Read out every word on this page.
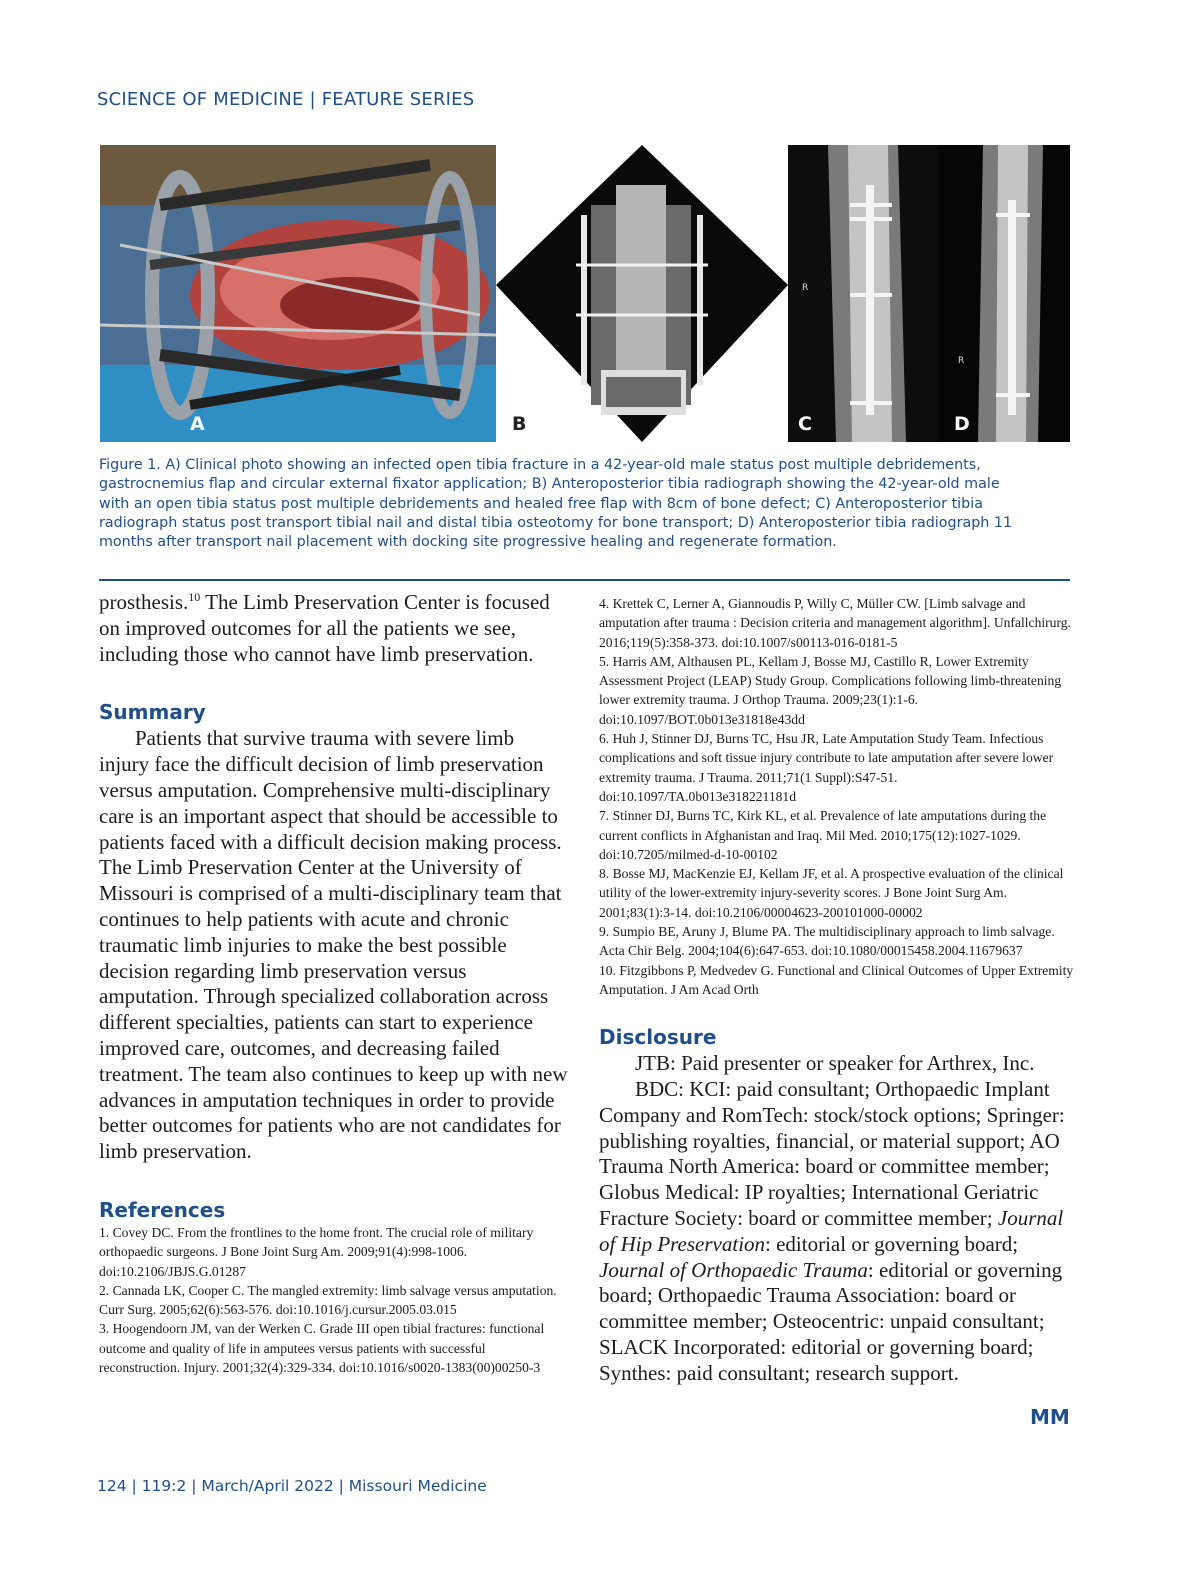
SCIENCE OF MEDICINE | FEATURE SERIES
A	B
R
R
C	D

Figure 1. A) Clinical photo showing an infected open tibia fracture in a 42-year-old male status post multiple debridements, gastrocnemius flap and circular external fixator application; B) Anteroposterior tibia radiograph showing the 42-year-old male with an open tibia status post multiple debridements and healed free flap with 8cm of bone defect; C) Anteroposterior tibia radiograph status post transport tibial nail and distal tibia osteotomy for bone transport; D) Anteroposterior tibia radiograph 11 months after transport nail placement with docking site progressive healing and regenerate formation.

prosthesis.$^{10}$ The Limb Preservation Center is focused on improved outcomes for all the patients we see, including those who cannot have limb preservation.

Summary

Patients that survive trauma with severe limb injury face the difficult decision of limb preservation versus amputation. Comprehensive multi-disciplinary care is an important aspect that should be accessible to patients faced with a difficult decision making process. The Limb Preservation Center at the University of Missouri is comprised of a multi-disciplinary team that continues to help patients with acute and chronic traumatic limb injuries to make the best possible decision regarding limb preservation versus amputation. Through specialized collaboration across different specialties, patients can start to experience improved care, outcomes, and decreasing failed treatment. The team also continues to keep up with new advances in amputation techniques in order to provide better outcomes for patients who are not candidates for limb preservation.

References
1. Covey DC. From the frontlines to the home front. The crucial role of military orthopaedic surgeons. J Bone Joint Surg Am. 2009;91(4):998-1006. doi:10.2106/JBJS.G.01287
2. Cannada LK, Cooper C. The mangled extremity: limb salvage versus amputation. Curr Surg. 2005;62(6):563-576. doi:10.1016/j.cursur.2005.03.015
3. Hoogendoorn JM, van der Werken C. Grade III open tibial fractures: functional outcome and quality of life in amputees versus patients with successful reconstruction. Injury. 2001;32(4):329-334. doi:10.1016/s0020-1383(00)00250-3
4. Krettek C, Lerner A, Giannoudis P, Willy C, Müller CW. [Limb salvage and amputation after trauma : Decision criteria and management algorithm]. Unfallchirurg. 2016;119(5):358-373. doi:10.1007/s00113-016-0181-5
5. Harris AM, Althausen PL, Kellam J, Bosse MJ, Castillo R, Lower Extremity Assessment Project (LEAP) Study Group. Complications following limb-threatening lower extremity trauma. J Orthop Trauma. 2009;23(1):1-6. doi:10.1097/BOT.0b013e31818e43dd
6. Huh J, Stinner DJ, Burns TC, Hsu JR, Late Amputation Study Team. Infectious complications and soft tissue injury contribute to late amputation after severe lower extremity trauma. J Trauma. 2011;71(1 Suppl):S47-51. doi:10.1097/TA.0b013e318221181d
7. Stinner DJ, Burns TC, Kirk KL, et al. Prevalence of late amputations during the current conflicts in Afghanistan and Iraq. Mil Med. 2010;175(12):1027-1029. doi:10.7205/milmed-d-10-00102
8. Bosse MJ, MacKenzie EJ, Kellam JF, et al. A prospective evaluation of the clinical utility of the lower-extremity injury-severity scores. J Bone Joint Surg Am. 2001;83(1):3-14. doi:10.2106/00004623-200101000-00002
9. Sumpio BE, Aruny J, Blume PA. The multidisciplinary approach to limb salvage. Acta Chir Belg. 2004;104(6):647-653. doi:10.1080/00015458.2004.11679637
10. Fitzgibbons P, Medvedev G. Functional and Clinical Outcomes of Upper Extremity Amputation. J Am Acad Orth
Disclosure

JTB: Paid presenter or speaker for Arthrex, Inc.

BDC: KCI: paid consultant; Orthopaedic Implant Company and RomTech: stock/stock options; Springer: publishing royalties, financial, or material support; AO Trauma North America: board or committee member; Globus Medical: IP royalties; International Geriatric Fracture Society: board or committee member; Journal of Hip Preservation: editorial or governing board; Journal of Orthopaedic Trauma: editorial or governing board; Orthopaedic Trauma Association: board or committee member; Osteocentric: unpaid consultant; SLACK Incorporated: editorial or governing board; Synthes: paid consultant; research support.

MM
124 | 119:2 | March/April 2022 | Missouri Medicine
